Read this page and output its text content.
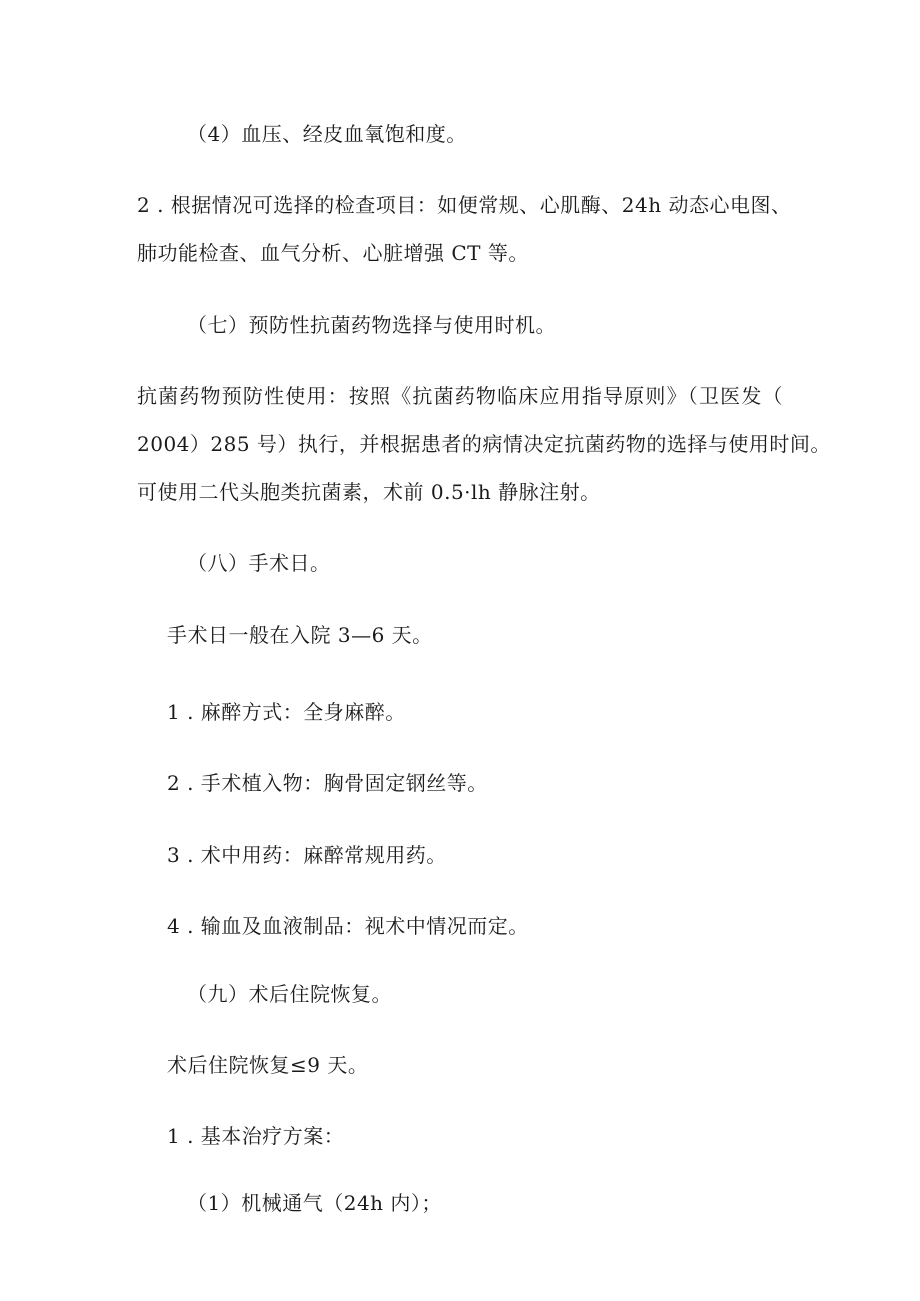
（4）血压、经皮血氧饱和度。
2 . 根据情况可选择的检查项目：如便常规、心肌酶、24h 动态心电图、
肺功能检查、血气分析、心脏增强 CT 等。
（七）预防性抗菌药物选择与使用时机。
抗菌药物预防性使用：按照《抗菌药物临床应用指导原则》（卫医发（
2004）285 号）执行，并根据患者的病情决定抗菌药物的选择与使用时间。
可使用二代头胞类抗菌素，术前 0.5·lh 静脉注射。
（八）手术日。
手术日一般在入院 3—6 天。
1 . 麻醉方式：全身麻醉。
2 . 手术植入物：胸骨固定钢丝等。
3 . 术中用药：麻醉常规用药。
4 . 输血及血液制品：视术中情况而定。
（九）术后住院恢复。
术后住院恢复≤9 天。
1 . 基本治疗方案：
（1）机械通气（24h 内）；
